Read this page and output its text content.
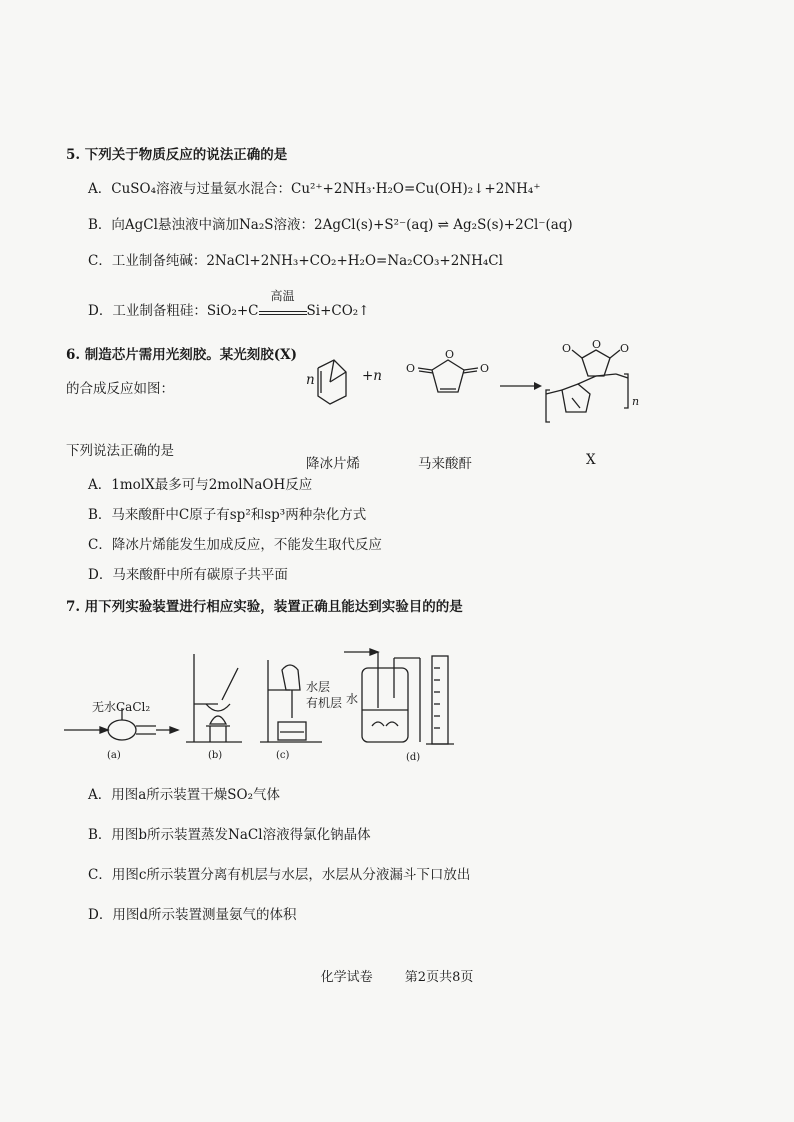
5. 下列关于物质反应的说法正确的是
A．CuSO₄溶液与过量氨水混合：Cu²⁺+2NH₃·H₂O=Cu(OH)₂↓+2NH₄⁺
B．向AgCl悬浊液中滴加Na₂S溶液：2AgCl(s)+S²⁻(aq) ⇌ Ag₂S(s)+2Cl⁻(aq)
C．工业制备纯碱：2NaCl+2NH₃+CO₂+H₂O=Na₂CO₃+2NH₄Cl
D．工业制备粗硅：SiO₂+C
高温
Si+CO₂↑
6. 制造芯片需用光刻胶。某光刻胶(X)
的合成反应如图：
O
O	O
O
O	O
n	+n
n
降冰片烯	马来酸酐	X
下列说法正确的是
A．1molX最多可与2molNaOH反应
B．马来酸酐中C原子有sp²和sp³两种杂化方式
C．降冰片烯能发生加成反应，不能发生取代反应
D．马来酸酐中所有碳原子共平面
7. 用下列实验装置进行相应实验，装置正确且能达到实验目的的是
无水CaCl₂
水层
有机层 水
(a)	(b)	(c)	(d)
A．用图a所示装置干燥SO₂气体
B．用图b所示装置蒸发NaCl溶液得氯化钠晶体
C．用图c所示装置分离有机层与水层，水层从分液漏斗下口放出
D．用图d所示装置测量氨气的体积
化学试卷 第2页共8页
